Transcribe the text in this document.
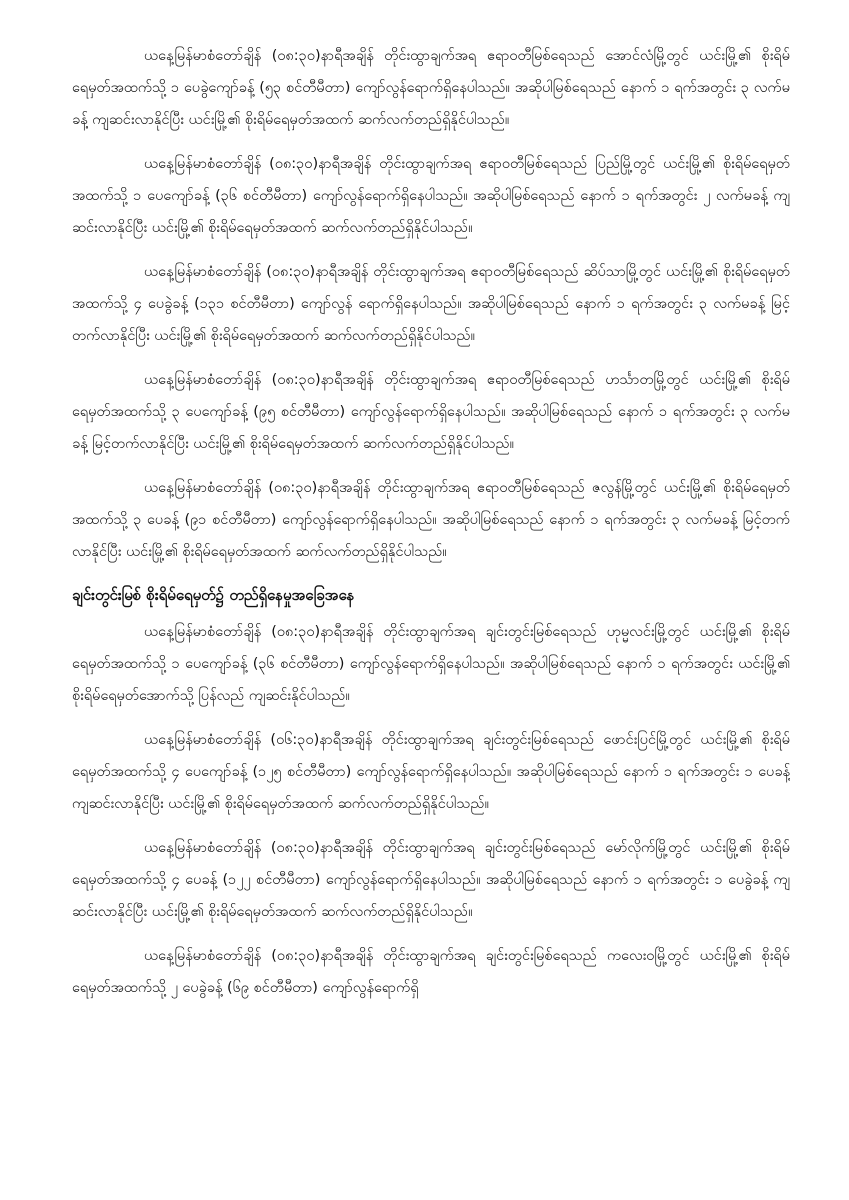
ယနေ့မြန်မာစံတော်ချိန် (၀၈:၃၀)နာရီအချိန် တိုင်းထွာချက်အရ ဧရာဝတီမြစ်ရေသည် အောင်လံမြို့တွင် ယင်းမြို့၏ စိုးရိမ်ရေမှတ်အထက်သို့ ၁ ပေခွဲကျော်ခန့် (၅၃ စင်တီမီတာ) ကျော်လွန်ရောက်ရှိနေပါသည်။ အဆိုပါမြစ်ရေသည် နောက် ၁ ရက်အတွင်း ၃ လက်မခန့် ကျဆင်းလာနိုင်ပြီး ယင်းမြို့၏ စိုးရိမ်ရေမှတ်အထက် ဆက်လက်တည်ရှိနိုင်ပါသည်။

ယနေ့မြန်မာစံတော်ချိန် (၀၈:၃၀)နာရီအချိန် တိုင်းထွာချက်အရ ဧရာဝတီမြစ်ရေသည် ပြည်မြို့တွင် ယင်းမြို့၏ စိုးရိမ်ရေမှတ်အထက်သို့ ၁ ပေကျော်ခန့် (၃၆ စင်တီမီတာ) ကျော်လွန်ရောက်ရှိနေပါသည်။ အဆိုပါမြစ်ရေသည် နောက် ၁ ရက်အတွင်း ၂ လက်မခန့် ကျဆင်းလာနိုင်ပြီး ယင်းမြို့၏ စိုးရိမ်ရေမှတ်အထက် ဆက်လက်တည်ရှိနိုင်ပါသည်။

ယနေ့မြန်မာစံတော်ချိန် (၀၈:၃၀)နာရီအချိန် တိုင်းထွာချက်အရ ဧရာဝတီမြစ်ရေသည် ဆိပ်သာမြို့တွင် ယင်းမြို့၏ စိုးရိမ်ရေမှတ်အထက်သို့ ၄ ပေခွဲခန့် (၁၃၁ စင်တီမီတာ) ကျော်လွန် ရောက်ရှိနေပါသည်။ အဆိုပါမြစ်ရေသည် နောက် ၁ ရက်အတွင်း ၃ လက်မခန့် မြင့်တက်လာနိုင်ပြီး ယင်းမြို့၏ စိုးရိမ်ရေမှတ်အထက် ဆက်လက်တည်ရှိနိုင်ပါသည်။

ယနေ့မြန်မာစံတော်ချိန် (၀၈:၃၀)နာရီအချိန် တိုင်းထွာချက်အရ ဧရာဝတီမြစ်ရေသည် ဟင်္သာတမြို့တွင် ယင်းမြို့၏ စိုးရိမ်ရေမှတ်အထက်သို့ ၃ ပေကျော်ခန့် (၉၅ စင်တီမီတာ) ကျော်လွန်ရောက်ရှိနေပါသည်။ အဆိုပါမြစ်ရေသည် နောက် ၁ ရက်အတွင်း ၃ လက်မခန့် မြင့်တက်လာနိုင်ပြီး ယင်းမြို့၏ စိုးရိမ်ရေမှတ်အထက် ဆက်လက်တည်ရှိနိုင်ပါသည်။

ယနေ့မြန်မာစံတော်ချိန် (၀၈:၃၀)နာရီအချိန် တိုင်းထွာချက်အရ ဧရာဝတီမြစ်ရေသည် ဇလွန်မြို့တွင် ယင်းမြို့၏ စိုးရိမ်ရေမှတ်အထက်သို့ ၃ ပေခန့် (၉၁ စင်တီမီတာ) ကျော်လွန်ရောက်ရှိနေပါသည်။ အဆိုပါမြစ်ရေသည် နောက် ၁ ရက်အတွင်း ၃ လက်မခန့် မြင့်တက်လာနိုင်ပြီး ယင်းမြို့၏ စိုးရိမ်ရေမှတ်အထက် ဆက်လက်တည်ရှိနိုင်ပါသည်။

ချင်းတွင်းမြစ် စိုးရိမ်ရေမှတ်၌ တည်ရှိနေမှုအခြေအနေ

ယနေ့မြန်မာစံတော်ချိန် (၀၈:၃၀)နာရီအချိန် တိုင်းထွာချက်အရ ချင်းတွင်းမြစ်ရေသည် ဟုမ္မလင်းမြို့တွင် ယင်းမြို့၏ စိုးရိမ်ရေမှတ်အထက်သို့ ၁ ပေကျော်ခန့် (၃၆ စင်တီမီတာ) ကျော်လွန်ရောက်ရှိနေပါသည်။ အဆိုပါမြစ်ရေသည် နောက် ၁ ရက်အတွင်း ယင်းမြို့၏ စိုးရိမ်ရေမှတ်အောက်သို့ ပြန်လည် ကျဆင်းနိုင်ပါသည်။

ယနေ့မြန်မာစံတော်ချိန် (၀၆:၃၀)နာရီအချိန် တိုင်းထွာချက်အရ ချင်းတွင်းမြစ်ရေသည် ဖောင်းပြင်မြို့တွင် ယင်းမြို့၏ စိုးရိမ်ရေမှတ်အထက်သို့ ၄ ပေကျော်ခန့် (၁၂၅ စင်တီမီတာ) ကျော်လွန်ရောက်ရှိနေပါသည်။ အဆိုပါမြစ်ရေသည် နောက် ၁ ရက်အတွင်း ၁ ပေခန့် ကျဆင်းလာနိုင်ပြီး ယင်းမြို့၏ စိုးရိမ်ရေမှတ်အထက် ဆက်လက်တည်ရှိနိုင်ပါသည်။

ယနေ့မြန်မာစံတော်ချိန် (၀၈:၃၀)နာရီအချိန် တိုင်းထွာချက်အရ ချင်းတွင်းမြစ်ရေသည် မော်လိုက်မြို့တွင် ယင်းမြို့၏ စိုးရိမ်ရေမှတ်အထက်သို့ ၄ ပေခန့် (၁၂၂ စင်တီမီတာ) ကျော်လွန်ရောက်ရှိနေပါသည်။ အဆိုပါမြစ်ရေသည် နောက် ၁ ရက်အတွင်း ၁ ပေခွဲခန့် ကျဆင်းလာနိုင်ပြီး ယင်းမြို့၏ စိုးရိမ်ရေမှတ်အထက် ဆက်လက်တည်ရှိနိုင်ပါသည်။

ယနေ့မြန်မာစံတော်ချိန် (၀၈:၃၀)နာရီအချိန် တိုင်းထွာချက်အရ ချင်းတွင်းမြစ်ရေသည် ကလေးဝမြို့တွင် ယင်းမြို့၏ စိုးရိမ်ရေမှတ်အထက်သို့ ၂ ပေခွဲခန့် (၆၉ စင်တီမီတာ) ကျော်လွန်ရောက်ရှိ
